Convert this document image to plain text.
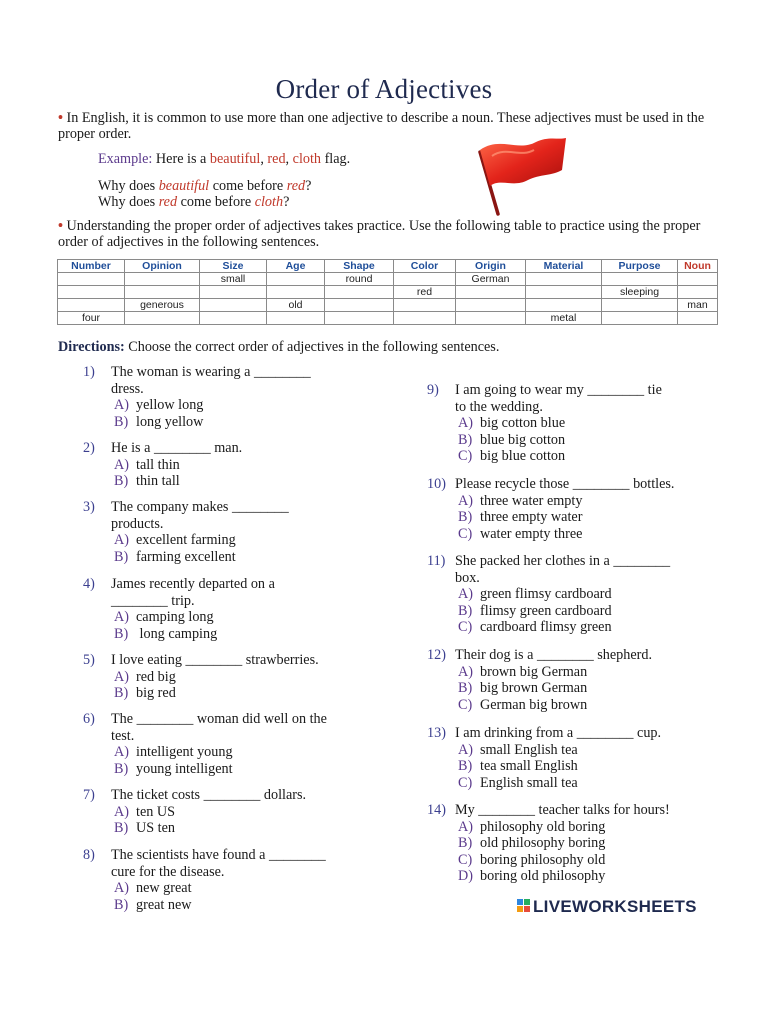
Order of Adjectives
• In English, it is common to use more than one adjective to describe a noun. These adjectives must be used in the proper order.
Example: Here is a beautiful, red, cloth flag.
Why does beautiful come before red?
Why does red come before cloth?
• Understanding the proper order of adjectives takes practice. Use the following table to practice using the proper order of adjectives in the following sentences.
Number	Opinion	Size	Age	Shape	Color	Origin	Material	Purpose	Noun
		small		round		German			
					red			sleeping	
	generous		old						man
four							metal		
Directions: Choose the correct order of adjectives in the following sentences.
1) The woman is wearing a ________
dress.
A) yellow long
B) long yellow
2) He is a ________ man.
A) tall thin
B) thin tall
3) The company makes ________
products.
A) excellent farming
B) farming excellent
4) James recently departed on a
________ trip.
A) camping long
B) long camping
5) I love eating ________ strawberries.
A) red big
B) big red
6) The ________ woman did well on the
test.
A) intelligent young
B) young intelligent
7) The ticket costs ________ dollars.
A) ten US
B) US ten
8) The scientists have found a ________
cure for the disease.
A) new great
B) great new
9) I am going to wear my ________ tie
to the wedding.
A) big cotton blue
B) blue big cotton
C) big blue cotton
10) Please recycle those ________ bottles.
A) three water empty
B) three empty water
C) water empty three
11) She packed her clothes in a ________
box.
A) green flimsy cardboard
B) flimsy green cardboard
C) cardboard flimsy green
12) Their dog is a ________ shepherd.
A) brown big German
B) big brown German
C) German big brown
13) I am drinking from a ________ cup.
A) small English tea
B) tea small English
C) English small tea
14) My ________ teacher talks for hours!
A) philosophy old boring
B) old philosophy boring
C) boring philosophy old
D) boring old philosophy
LIVEWORKSHEETS
